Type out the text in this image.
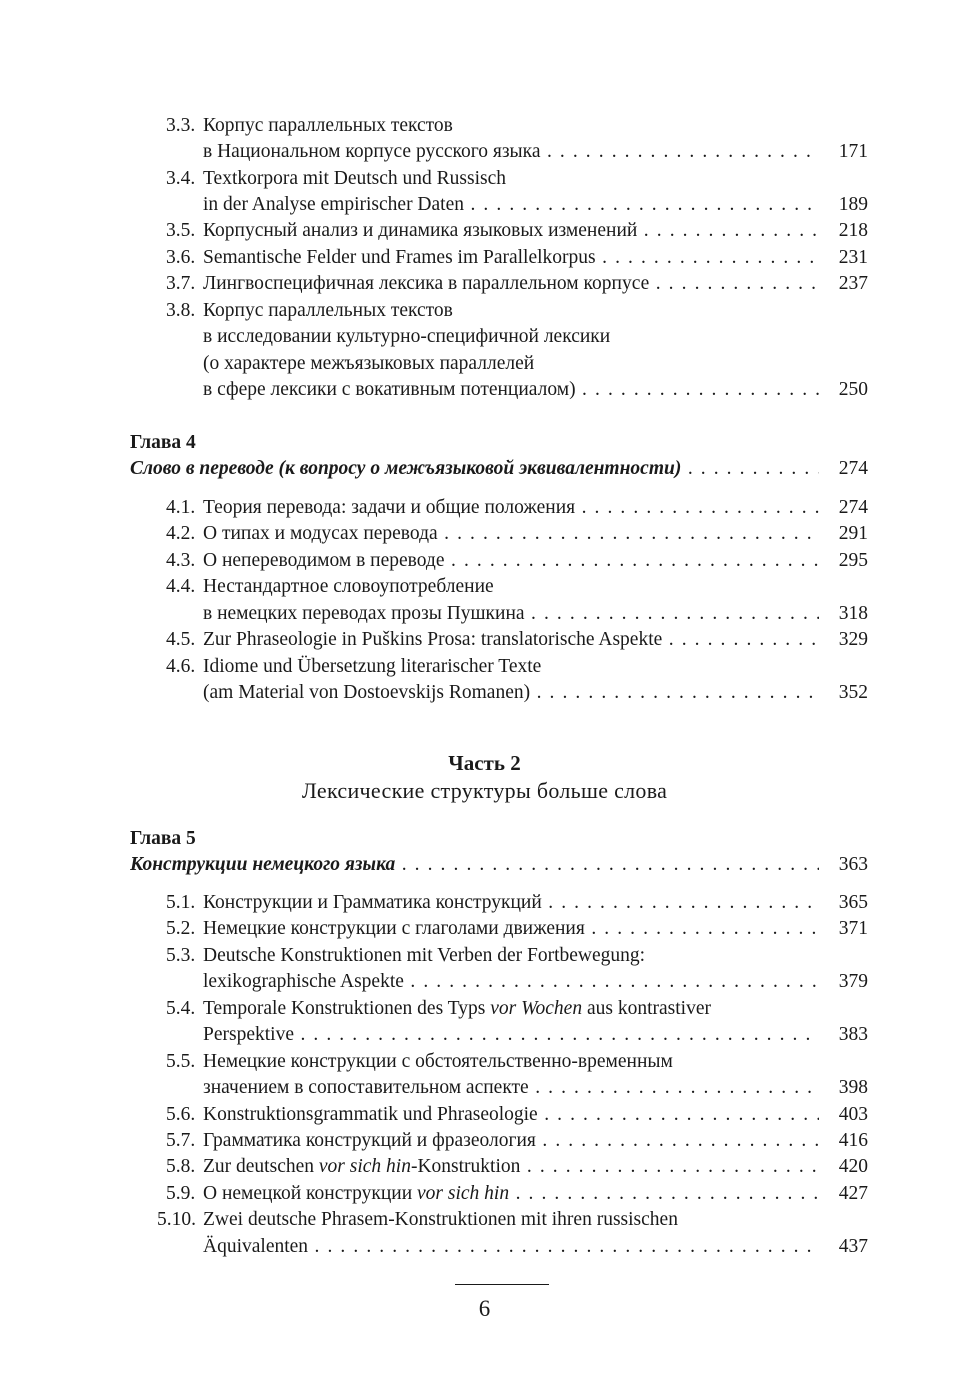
3.3. Корпус параллельных текстов
в Национальном корпусе русского языка . . .	171
3.4. Textkorpora mit Deutsch und Russisch
in der Analyse empirischer Daten . . .	189
3.5. Корпусный анализ и динамика языковых изменений . . .	218
3.6. Semantische Felder und Frames im Parallelkorpus . . .	231
3.7. Лингвоспецифичная лексика в параллельном корпусе . . .	237
3.8. Корпус параллельных текстов
в исследовании культурно-специфичной лексики
(о характере межъязыковых параллелей
в сфере лексики с вокативным потенциалом) . . .	250
Глава 4
Слово в переводе (к вопросу о межъязыковой эквивалентности) . . .	274
4.1. Теория перевода: задачи и общие положения . . .	274
4.2. О типах и модусах перевода . . .	291
4.3. О непереводимом в переводе . . .	295
4.4. Нестандартное словоупотребление
в немецких переводах прозы Пушкина . . .	318
4.5. Zur Phraseologie in Puškins Prosa: translatorische Aspekte . . .	329
4.6. Idiome und Übersetzung literarischer Texte
(am Material von Dostoevskijs Romanen) . . .	352
Часть 2
Лексические структуры больше слова
Глава 5
Конструкции немецкого языка . . .	363
5.1. Конструкции и Грамматика конструкций . . .	365
5.2. Немецкие конструкции с глаголами движения . . .	371
5.3. Deutsche Konstruktionen mit Verben der Fortbewegung:
lexikographische Aspekte . . .	379
5.4. Temporale Konstruktionen des Typs vor Wochen aus kontrastiver
Perspektive . . .	383
5.5. Немецкие конструкции с обстоятельственно-временным
значением в сопоставительном аспекте . . .	398
5.6. Konstruktionsgrammatik und Phraseologie . . .	403
5.7. Грамматика конструкций и фразеология . . .	416
5.8. Zur deutschen vor sich hin-Konstruktion . . .	420
5.9. О немецкой конструкции vor sich hin . . .	427
5.10. Zwei deutsche Phrasem-Konstruktionen mit ihren russischen
Äquivalenten . . .	437
6
